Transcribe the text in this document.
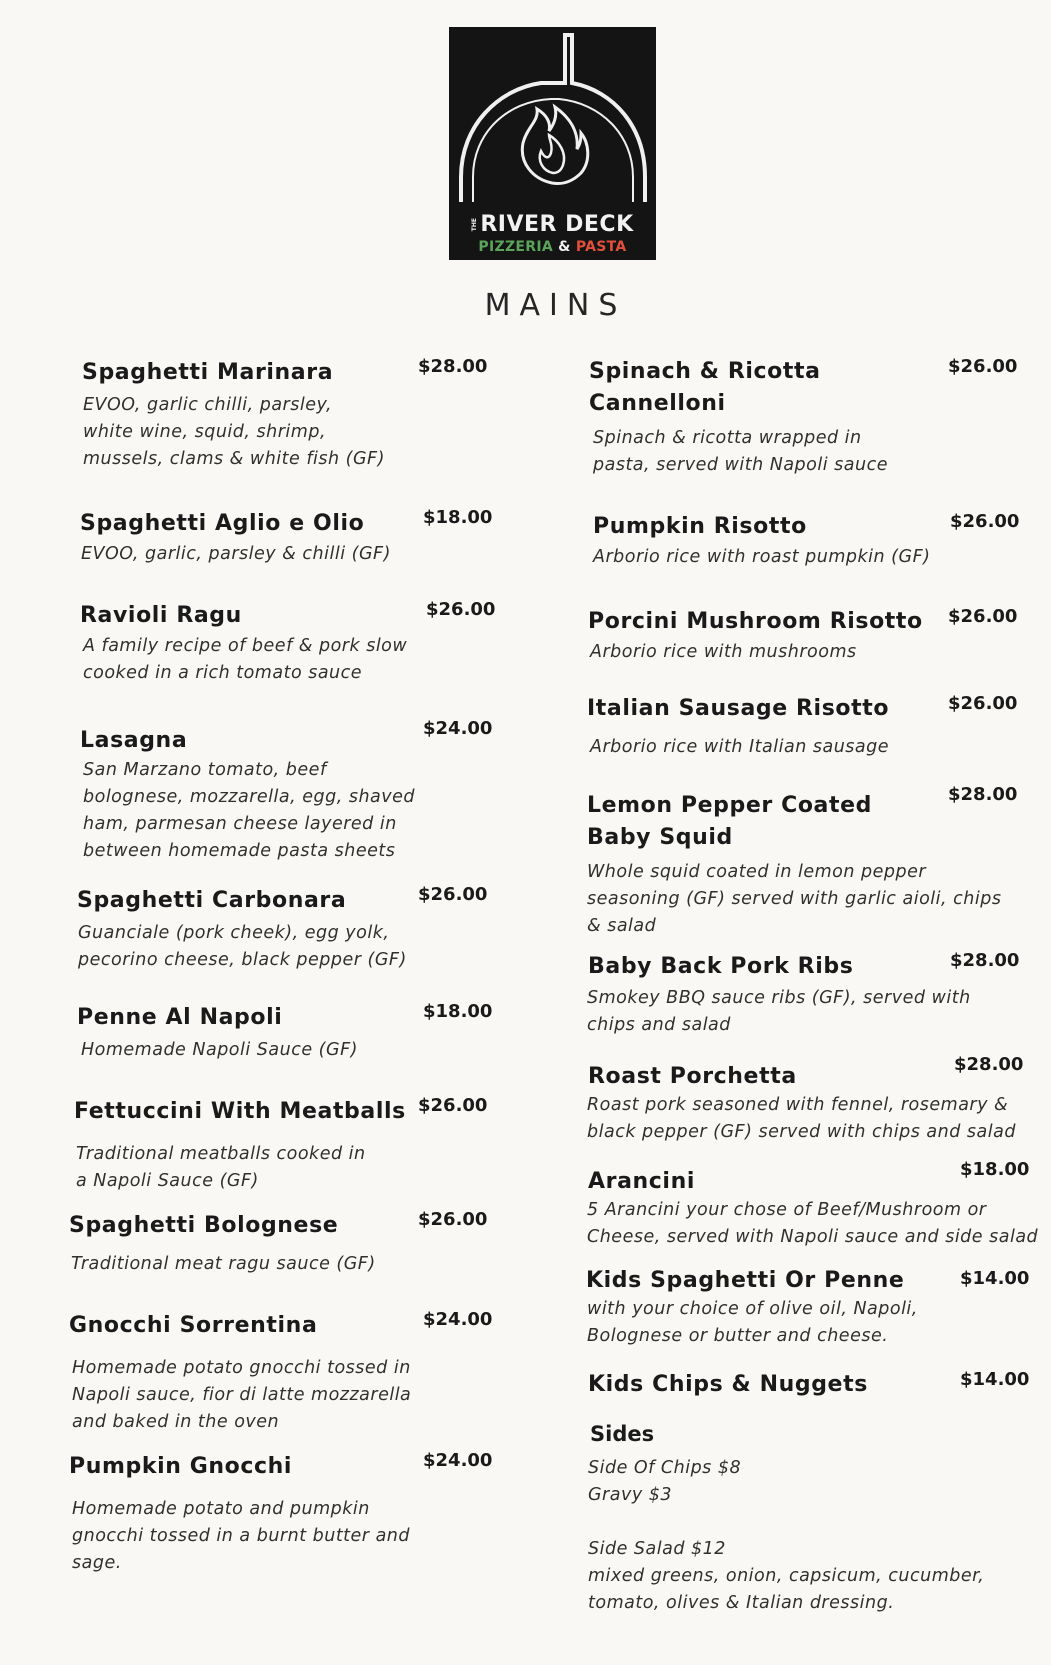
THERIVER DECK
PIZZERIA & PASTA
MAINS
Spaghetti Marinara	$28.00
EVOO, garlic chilli, parsley,
white wine, squid, shrimp,
mussels, clams & white fish (GF)
Spaghetti Aglio e Olio	$18.00
EVOO, garlic, parsley & chilli (GF)
Ravioli Ragu	$26.00
A family recipe of beef & pork slow
cooked in a rich tomato sauce
Lasagna	$24.00
San Marzano tomato, beef
bolognese, mozzarella, egg, shaved
ham, parmesan cheese layered in
between homemade pasta sheets
Spaghetti Carbonara	$26.00
Guanciale (pork cheek), egg yolk,
pecorino cheese, black pepper (GF)
Penne Al Napoli	$18.00
Homemade Napoli Sauce (GF)
Fettuccini With Meatballs $26.00
Traditional meatballs cooked in
a Napoli Sauce (GF)
Spaghetti Bolognese	$26.00
Traditional meat ragu sauce (GF)
Gnocchi Sorrentina	$24.00
Homemade potato gnocchi tossed in
Napoli sauce, fior di latte mozzarella
and baked in the oven
Pumpkin Gnocchi	$24.00
Homemade potato and pumpkin
gnocchi tossed in a burnt butter and
sage.
Spinach & Ricotta
Cannelloni
$26.00
Spinach & ricotta wrapped in
pasta, served with Napoli sauce
Pumpkin Risotto	$26.00
Arborio rice with roast pumpkin (GF)
Porcini Mushroom Risotto $26.00
Arborio rice with mushrooms
Italian Sausage Risotto	$26.00
Arborio rice with Italian sausage
Lemon Pepper Coated
Baby Squid
$28.00
Whole squid coated in lemon pepper
seasoning (GF) served with garlic aioli, chips
& salad
Baby Back Pork Ribs	$28.00
Smokey BBQ sauce ribs (GF), served with
chips and salad
Roast Porchetta	$28.00
Roast pork seasoned with fennel, rosemary &
black pepper (GF) served with chips and salad
Arancini	$18.00
5 Arancini your chose of Beef/Mushroom or
Cheese, served with Napoli sauce and side salad
Kids Spaghetti Or Penne	$14.00
with your choice of olive oil, Napoli,
Bolognese or butter and cheese.
Kids Chips & Nuggets	$14.00
Sides
Side Of Chips $8
Gravy $3

Side Salad $12
mixed greens, onion, capsicum, cucumber,
tomato, olives & Italian dressing.
